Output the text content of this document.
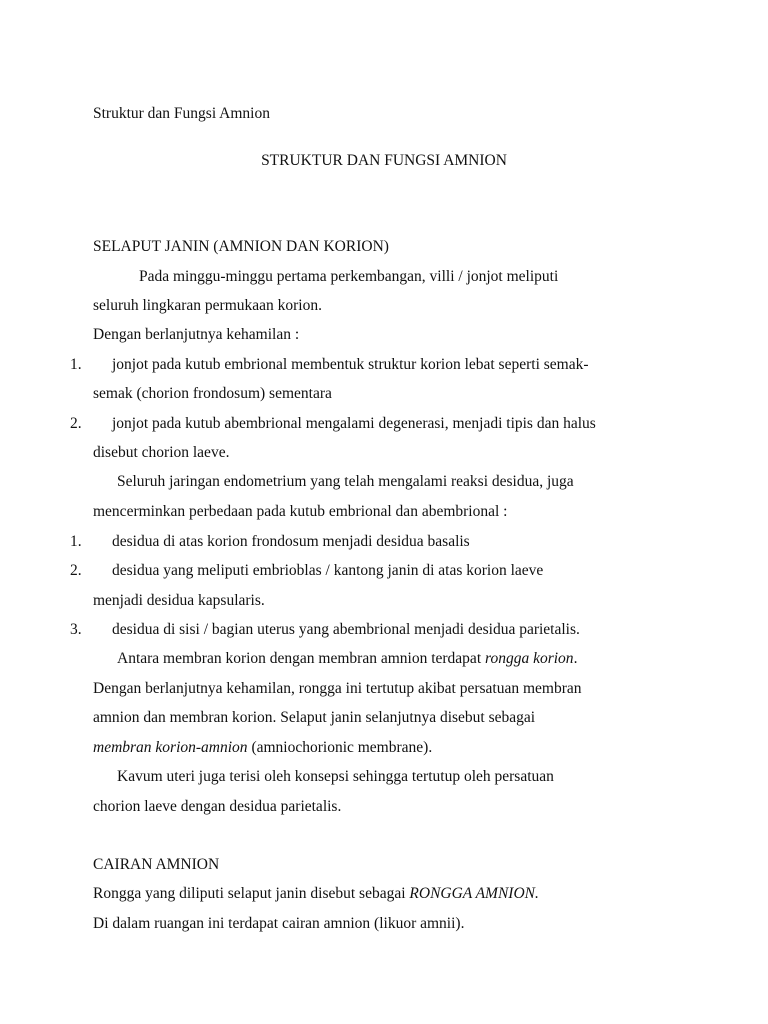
Struktur dan Fungsi Amnion
STRUKTUR DAN FUNGSI AMNION
SELAPUT JANIN (AMNION DAN KORION)
Pada minggu-minggu pertama perkembangan, villi / jonjot meliputi
seluruh lingkaran permukaan korion.
Dengan berlanjutnya kehamilan :
1. jonjot pada kutub embrional membentuk struktur korion lebat seperti semak-
semak (chorion frondosum) sementara
2. jonjot pada kutub abembrional mengalami degenerasi, menjadi tipis dan halus
disebut chorion laeve.
Seluruh jaringan endometrium yang telah mengalami reaksi desidua, juga
mencerminkan perbedaan pada kutub embrional dan abembrional :
1. desidua di atas korion frondosum menjadi desidua basalis
2. desidua yang meliputi embrioblas / kantong janin di atas korion laeve
menjadi desidua kapsularis.
3. desidua di sisi / bagian uterus yang abembrional menjadi desidua parietalis.
Antara membran korion dengan membran amnion terdapat rongga korion.
Dengan berlanjutnya kehamilan, rongga ini tertutup akibat persatuan membran
amnion dan membran korion. Selaput janin selanjutnya disebut sebagai
membran korion-amnion (amniochorionic membrane).
Kavum uteri juga terisi oleh konsepsi sehingga tertutup oleh persatuan
chorion laeve dengan desidua parietalis.
CAIRAN AMNION
Rongga yang diliputi selaput janin disebut sebagai RONGGA AMNION.
Di dalam ruangan ini terdapat cairan amnion (likuor amnii).
